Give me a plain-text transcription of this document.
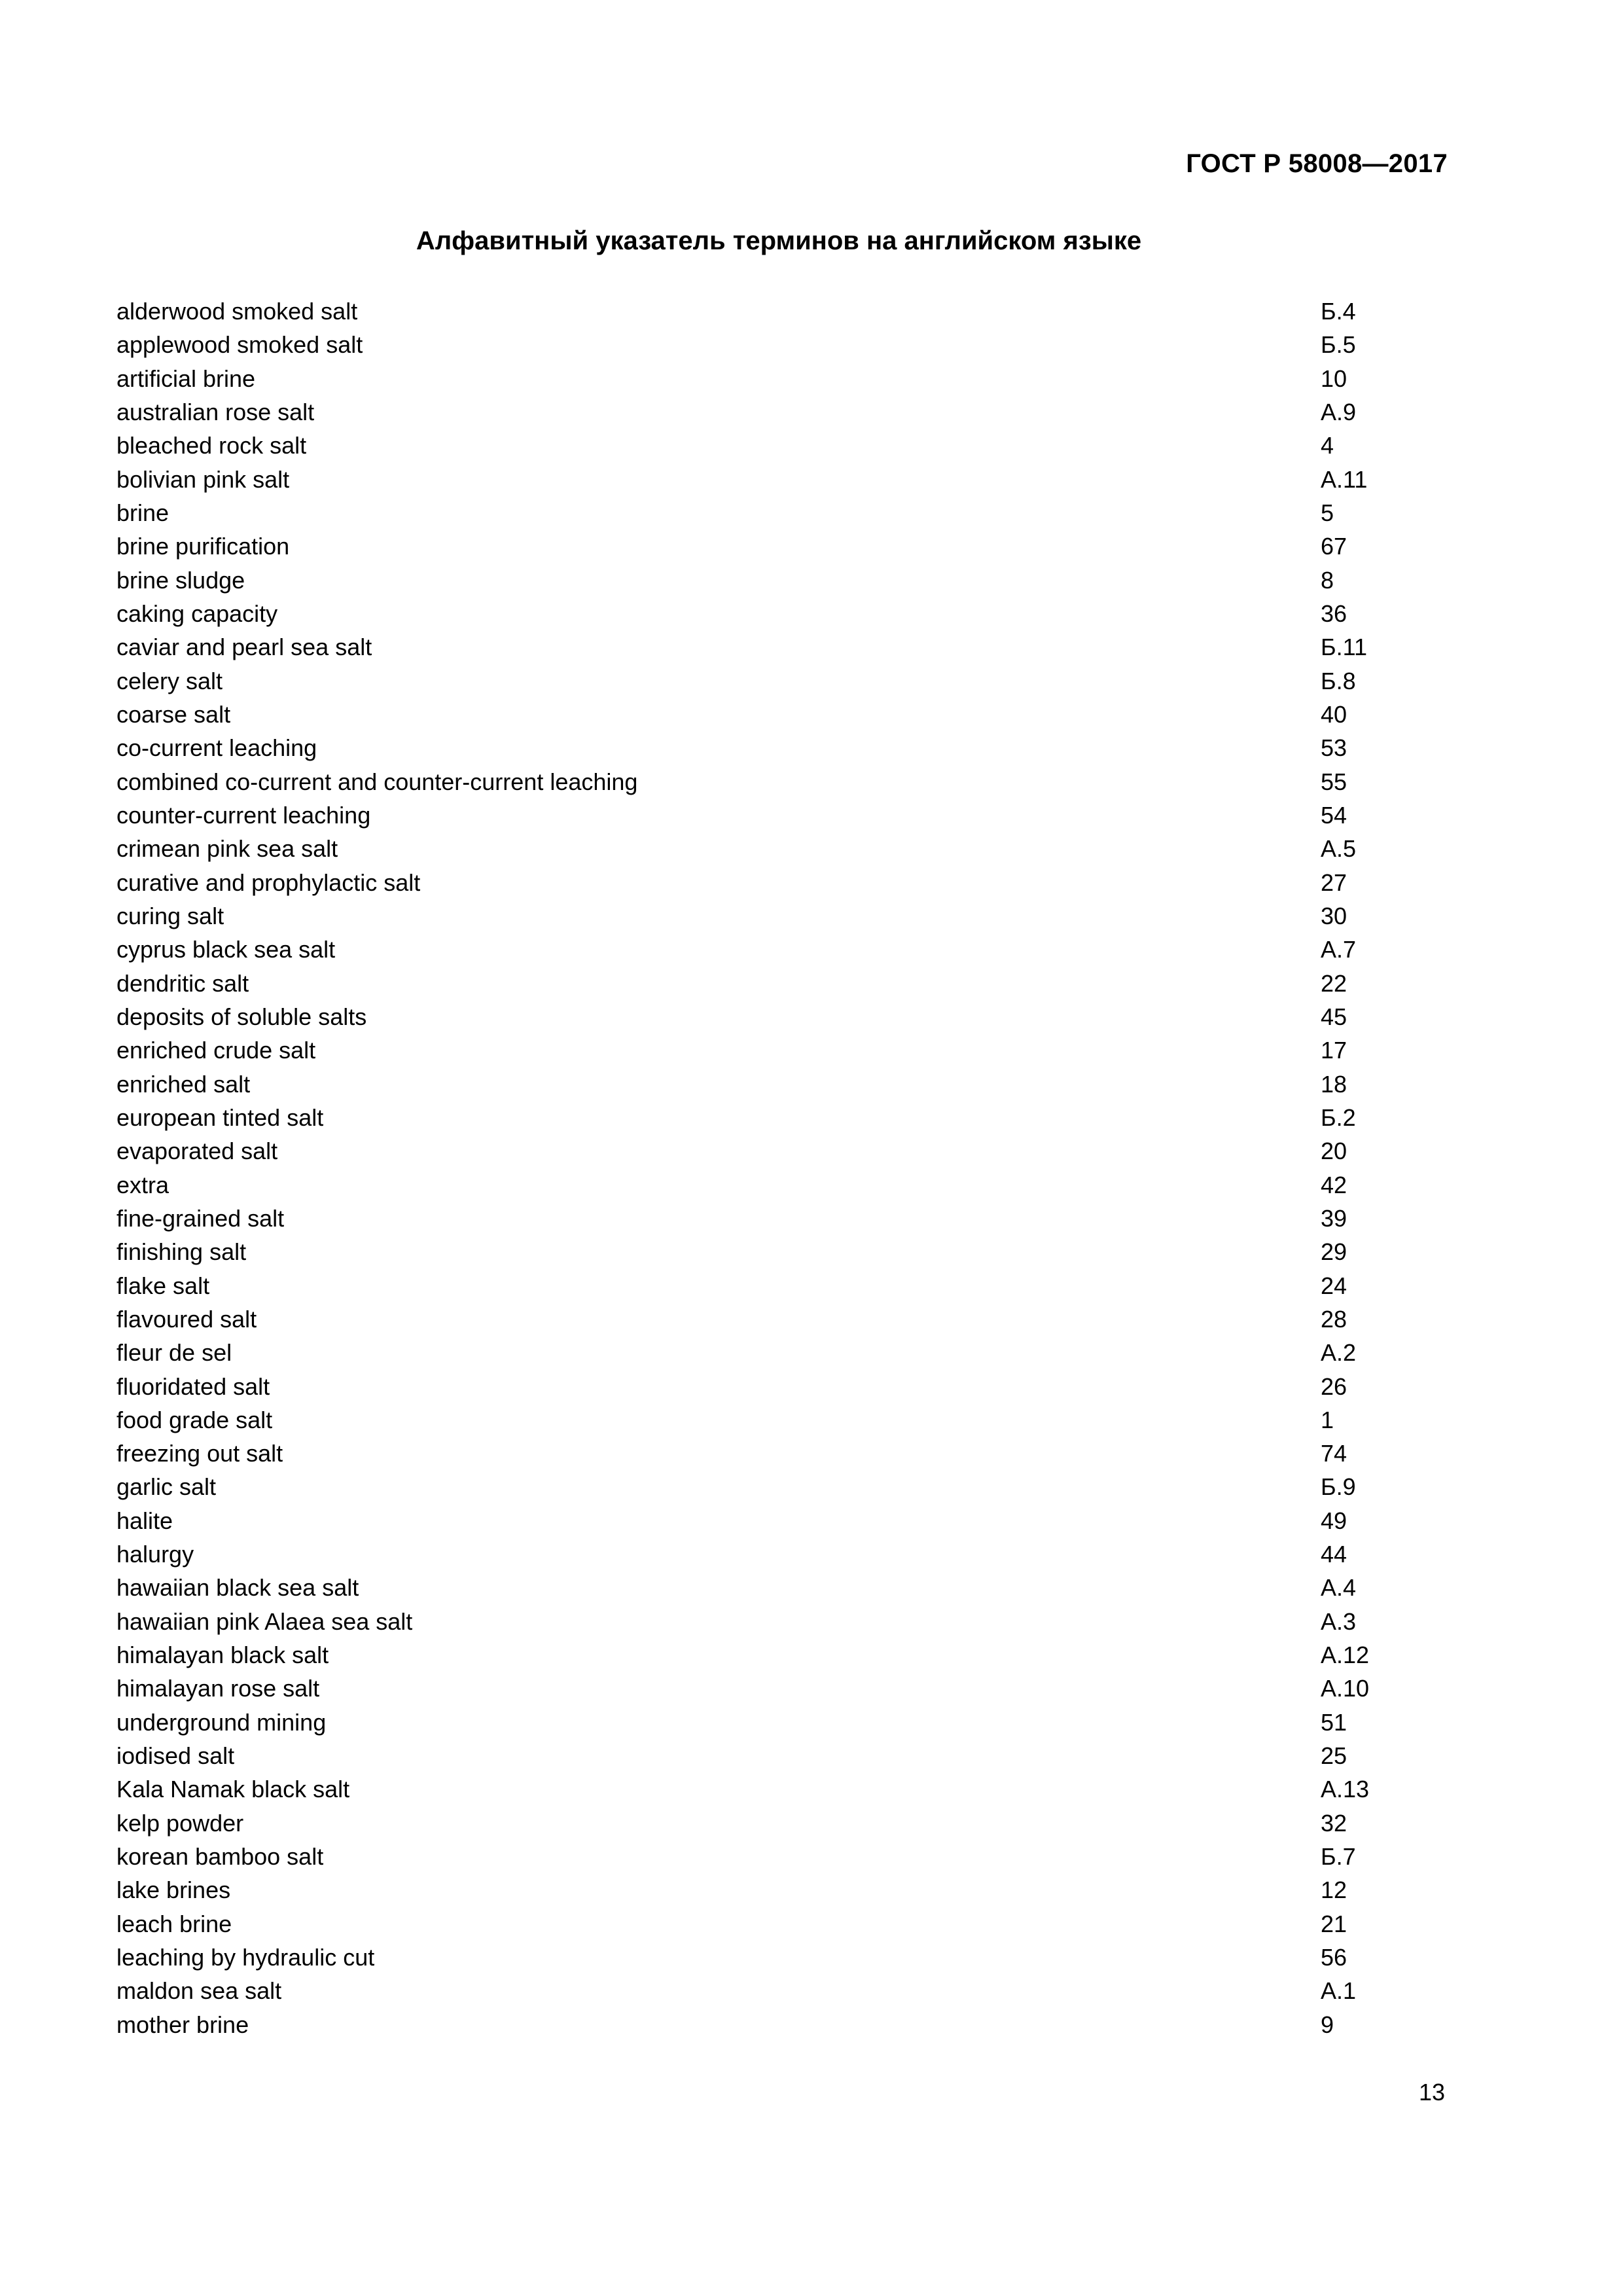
ГОСТ Р 58008—2017
Алфавитный указатель терминов на английском языке
alderwood smoked salt	Б.4
applewood smoked salt	Б.5
artificial brine	10
australian rose salt	А.9
bleached rock salt	4
bolivian pink salt	А.11
brine	5
brine purification	67
brine sludge	8
caking capacity	36
caviar and pearl sea salt	Б.11
celery salt	Б.8
coarse salt	40
co-current leaching	53
combined co-current and counter-current leaching	55
counter-current leaching	54
crimean pink sea salt	А.5
curative and prophylactic salt	27
curing salt	30
cyprus black sea salt	А.7
dendritic salt	22
deposits of soluble salts	45
enriched crude salt	17
enriched salt	18
european tinted salt	Б.2
evaporated salt	20
extra	42
fine-grained salt	39
finishing salt	29
flake salt	24
flavoured salt	28
fleur de sel	А.2
fluoridated salt	26
food grade salt	1
freezing out salt	74
garlic salt	Б.9
halite	49
halurgy	44
hawaiian black sea salt	А.4
hawaiian pink Alaea sea salt	А.3
himalayan black salt	А.12
himalayan rose salt	А.10
underground mining	51
iodised salt	25
Kala Namak black salt	А.13
kelp powder	32
korean bamboo salt	Б.7
lake brines	12
leach brine	21
leaching by hydraulic cut	56
maldon sea salt	А.1
mother brine	9
13
